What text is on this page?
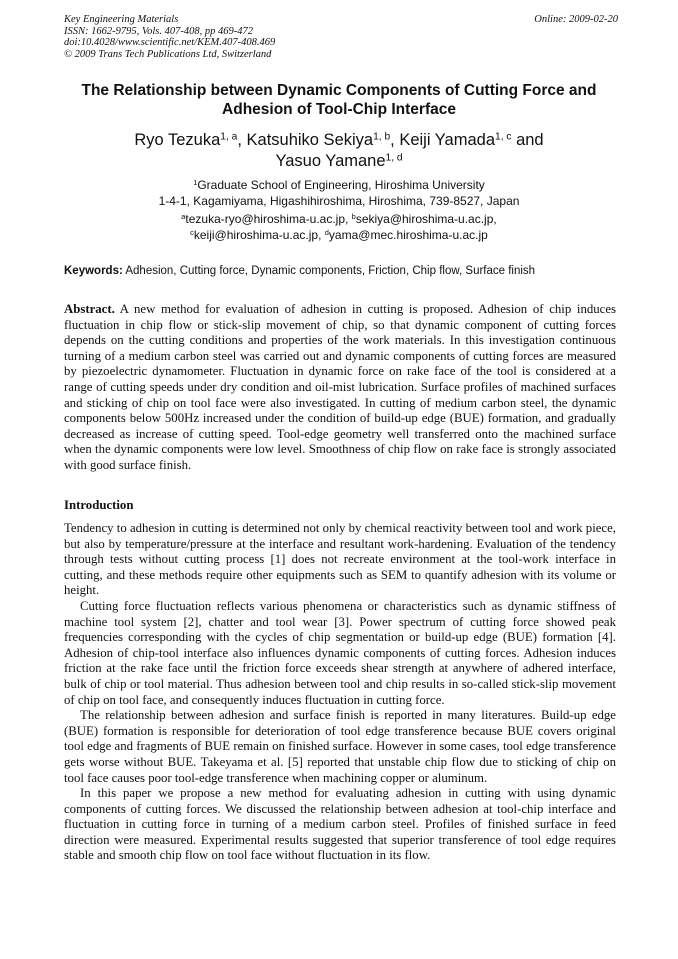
Key Engineering Materials
ISSN: 1662-9795, Vols. 407-408, pp 469-472
doi:10.4028/www.scientific.net/KEM.407-408.469
© 2009 Trans Tech Publications Ltd, Switzerland
Online: 2009-02-20
The Relationship between Dynamic Components of Cutting Force and
Adhesion of Tool-Chip Interface
Ryo Tezuka$^{1, a}$, Katsuhiko Sekiya$^{1, b}$, Keiji Yamada$^{1, c}$ and
Yasuo Yamane$^{1, d}$
$^1$Graduate School of Engineering, Hiroshima University
1-4-1, Kagamiyama, Higashihiroshima, Hiroshima, 739-8527, Japan
$^a$tezuka-ryo@hiroshima-u.ac.jp, $^b$sekiya@hiroshima-u.ac.jp,
$^c$keiji@hiroshima-u.ac.jp, $^d$yama@mec.hiroshima-u.ac.jp
Keywords: Adhesion, Cutting force, Dynamic components, Friction, Chip flow, Surface finish
Abstract. A new method for evaluation of adhesion in cutting is proposed. Adhesion of chip induces fluctuation in chip flow or stick-slip movement of chip, so that dynamic component of cutting forces depends on the cutting conditions and properties of the work materials. In this investigation continuous turning of a medium carbon steel was carried out and dynamic components of cutting forces are measured by piezoelectric dynamometer. Fluctuation in dynamic force on rake face of the tool is considered at a range of cutting speeds under dry condition and oil-mist lubrication. Surface profiles of machined surfaces and sticking of chip on tool face were also investigated. In cutting of medium carbon steel, the dynamic components below 500Hz increased under the condition of build-up edge (BUE) formation, and gradually decreased as increase of cutting speed. Tool-edge geometry well transferred onto the machined surface when the dynamic components were low level. Smoothness of chip flow on rake face is strongly associated with good surface finish.
Introduction

Tendency to adhesion in cutting is determined not only by chemical reactivity between tool and work piece, but also by temperature/pressure at the interface and resultant work-hardening. Evaluation of the tendency through tests without cutting process [1] does not recreate environment at the tool-work interface in cutting, and these methods require other equipments such as SEM to quantify adhesion with its volume or height.

Cutting force fluctuation reflects various phenomena or characteristics such as dynamic stiffness of machine tool system [2], chatter and tool wear [3]. Power spectrum of cutting force showed peak frequencies corresponding with the cycles of chip segmentation or build-up edge (BUE) formation [4]. Adhesion of chip-tool interface also influences dynamic components of cutting forces. Adhesion induces friction at the rake face until the friction force exceeds shear strength at anywhere of adhered interface, bulk of chip or tool material. Thus adhesion between tool and chip results in so-called stick-slip movement of chip on tool face, and consequently induces fluctuation in cutting force.

The relationship between adhesion and surface finish is reported in many literatures. Build-up edge (BUE) formation is responsible for deterioration of tool edge transference because BUE covers original tool edge and fragments of BUE remain on finished surface. However in some cases, tool edge transference gets worse without BUE. Takeyama et al. [5] reported that unstable chip flow due to sticking of chip on tool face causes poor tool-edge transference when machining copper or aluminum.

In this paper we propose a new method for evaluating adhesion in cutting with using dynamic components of cutting forces. We discussed the relationship between adhesion at tool-chip interface and fluctuation in cutting force in turning of a medium carbon steel. Profiles of finished surface in feed direction were measured. Experimental results suggested that superior transference of tool edge requires stable and smooth chip flow on tool face without fluctuation in its flow.
